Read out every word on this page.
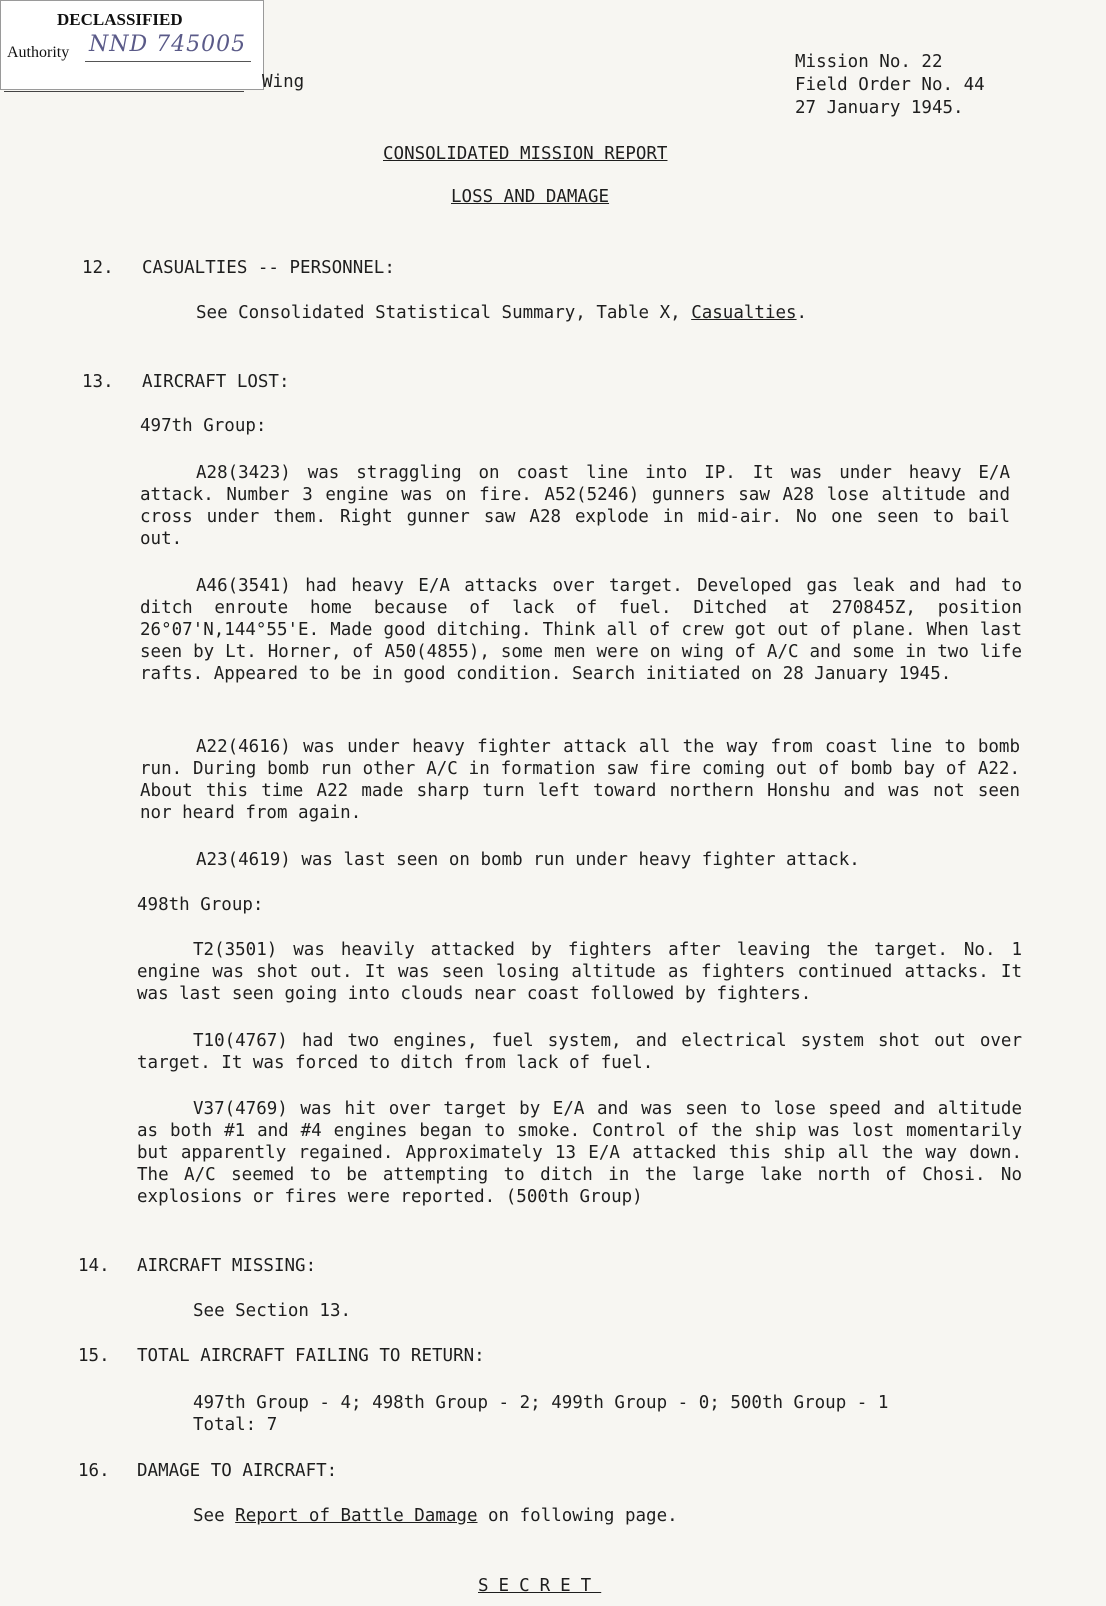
DECLASSIFIED
Authority NND 745005
Wing
Mission No. 22
Field Order No. 44
27 January 1945.
CONSOLIDATED MISSION REPORT
LOSS AND DAMAGE
12. CASUALTIES -- PERSONNEL:
See Consolidated Statistical Summary, Table X, Casualties.
13. AIRCRAFT LOST:
497th Group:
A28(3423) was straggling on coast line into IP. It was under heavy E/A attack. Number 3 engine was on fire. A52(5246) gunners saw A28 lose altitude and cross under them. Right gunner saw A28 explode in mid-air. No one seen to bail out.
A46(3541) had heavy E/A attacks over target. Developed gas leak and had to ditch enroute home because of lack of fuel. Ditched at 270845Z, position 26°07'N,144°55'E. Made good ditching. Think all of crew got out of plane. When last seen by Lt. Horner, of A50(4855), some men were on wing of A/C and some in two life rafts. Appeared to be in good condition. Search initiated on 28 January 1945.
A22(4616) was under heavy fighter attack all the way from coast line to bomb run. During bomb run other A/C in formation saw fire coming out of bomb bay of A22. About this time A22 made sharp turn left toward northern Honshu and was not seen nor heard from again.
A23(4619) was last seen on bomb run under heavy fighter attack.
498th Group:
T2(3501) was heavily attacked by fighters after leaving the target. No. 1 engine was shot out. It was seen losing altitude as fighters continued attacks. It was last seen going into clouds near coast followed by fighters.
T10(4767) had two engines, fuel system, and electrical system shot out over target. It was forced to ditch from lack of fuel.
V37(4769) was hit over target by E/A and was seen to lose speed and altitude as both #1 and #4 engines began to smoke. Control of the ship was lost momentarily but apparently regained. Approximately 13 E/A attacked this ship all the way down. The A/C seemed to be attempting to ditch in the large lake north of Chosi. No explosions or fires were reported. (500th Group)
14. AIRCRAFT MISSING:
See Section 13.
15. TOTAL AIRCRAFT FAILING TO RETURN:
497th Group - 4; 498th Group - 2; 499th Group - 0; 500th Group - 1
Total: 7
16. DAMAGE TO AIRCRAFT:
See Report of Battle Damage on following page.
SECRET
